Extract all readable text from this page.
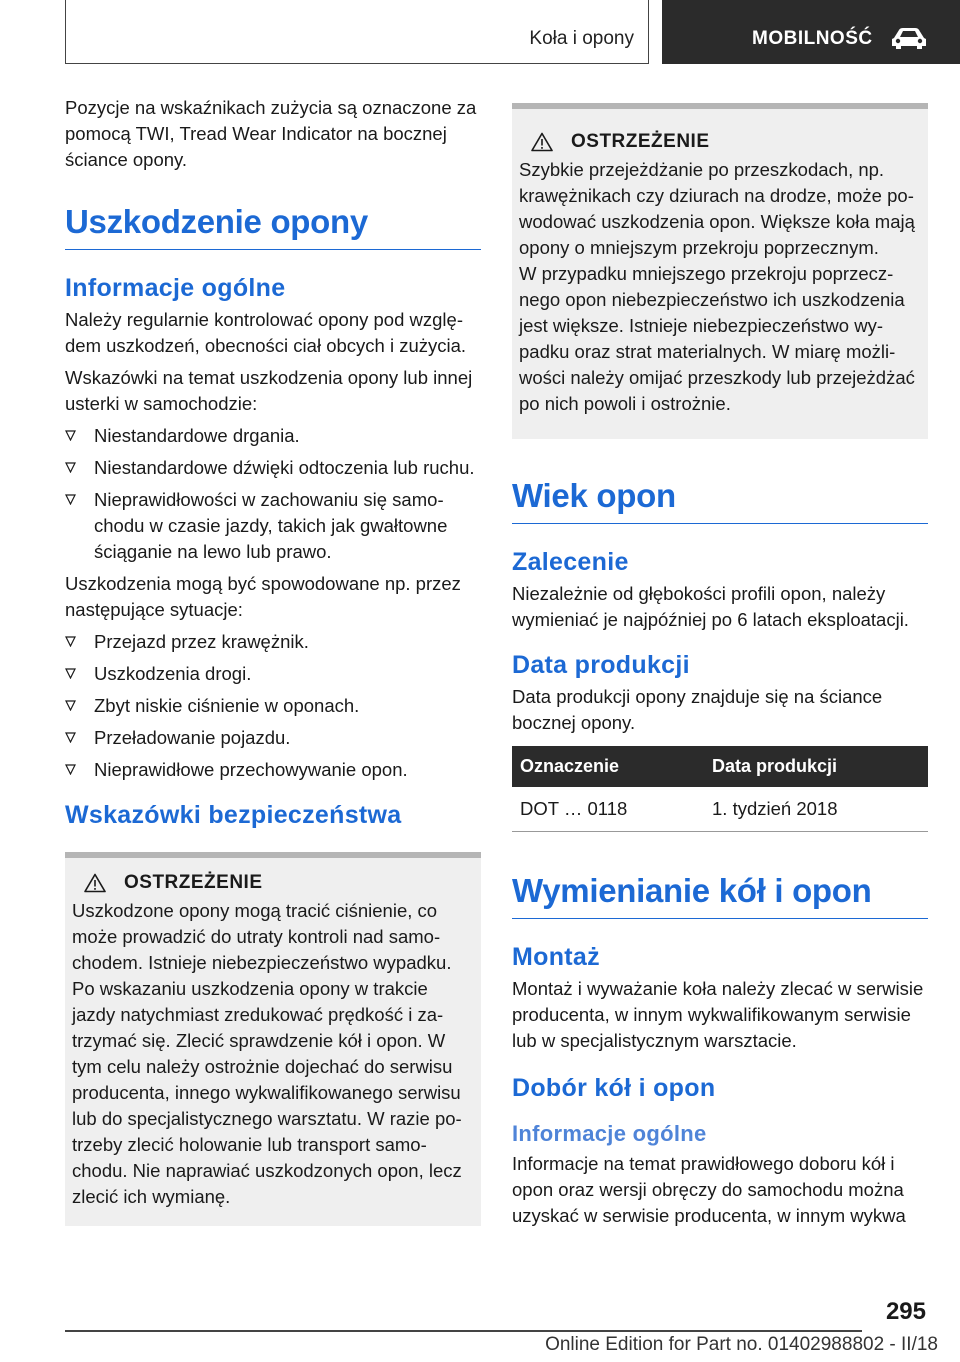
Koła i opony	MOBILNOŚĆ

Pozycje na wskaźnikach zużycia są oznaczone za pomocą TWI, Tread Wear Indicator na bocznej ściance opony.

Uszkodzenie opony
Informacje ogólne

Należy regularnie kontrolować opony pod względem uszkodzeń, obecności ciał obcych i zużycia.

Wskazówki na temat uszkodzenia opony lub innej usterki w samochodzie:

Niestandardowe drgania.
Niestandardowe dźwięki odtoczenia lub ruchu.
Nieprawidłowości w zachowaniu się samochodu w czasie jazdy, takich jak gwałtowne ściąganie na lewo lub prawo.

Uszkodzenia mogą być spowodowane np. przez następujące sytuacje:

Przejazd przez krawężnik.
Uszkodzenia drogi.
Zbyt niskie ciśnienie w oponach.
Przeładowanie pojazdu.
Nieprawidłowe przechowywanie opon.
Wskazówki bezpieczeństwa
OSTRZEŻENIE

Uszkodzone opony mogą tracić ciśnienie, co może prowadzić do utraty kontroli nad samochodem. Istnieje niebezpieczeństwo wypadku. Po wskazaniu uszkodzenia opony w trakcie jazdy natychmiast zredukować prędkość i zatrzymać się. Zlecić sprawdzenie kół i opon. W tym celu należy ostrożnie dojechać do serwisu producenta, innego wykwalifikowanego serwisu lub do specjalistycznego warsztatu. W razie potrzeby zlecić holowanie lub transport samochodu. Nie naprawiać uszkodzonych opon, lecz zlecić ich wymianę.

OSTRZEŻENIE

Szybkie przejeżdżanie po przeszkodach, np. krawężnikach czy dziurach na drodze, może powodować uszkodzenia opon. Większe koła mają opony o mniejszym przekroju poprzecznym.

W przypadku mniejszego przekroju poprzecznego opon niebezpieczeństwo ich uszkodzenia jest większe. Istnieje niebezpieczeństwo wypadku oraz strat materialnych. W miarę możliwości należy omijać przeszkody lub przejeżdżać po nich powoli i ostrożnie.

Wiek opon
Zalecenie

Niezależnie od głębokości profili opon, należy wymieniać je najpóźniej po 6 latach eksploatacji.

Data produkcji

Data produkcji opony znajduje się na ściance bocznej opony.

Oznaczenie	Data produkcji
DOT … 0118	1. tydzień 2018
Wymienianie kół i opon
Montaż

Montaż i wyważanie koła należy zlecać w serwisie producenta, w innym wykwalifikowanym serwisie lub w specjalistycznym warsztacie.

Dobór kół i opon
Informacje ogólne

Informacje na temat prawidłowego doboru kół i opon oraz wersji obręczy do samochodu można uzyskać w serwisie producenta, w innym wykwa

295
Online Edition for Part no. 01402988802 - II/18
